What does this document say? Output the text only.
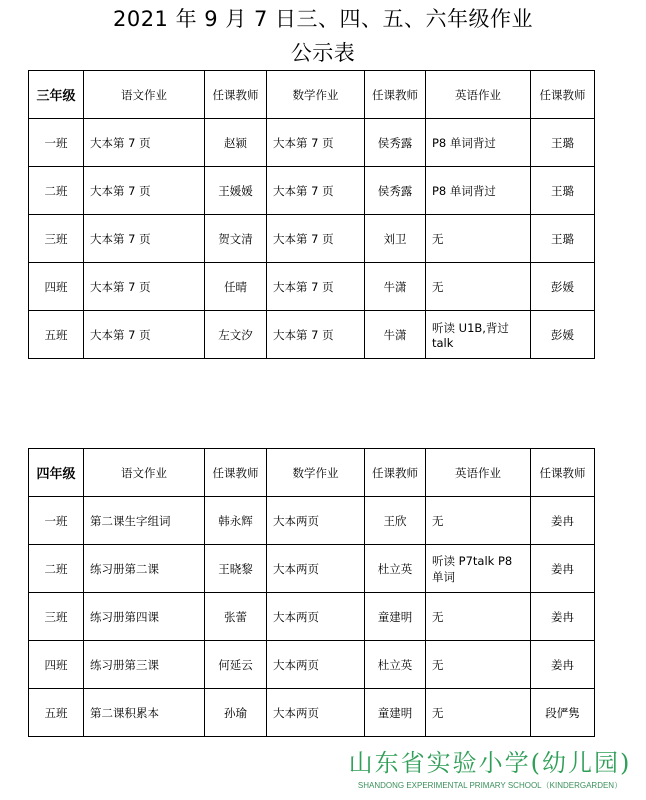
2021 年 9 月 7 日三、四、五、六年级作业
公示表
三年级	语文作业	任课教师	数学作业	任课教师	英语作业	任课教师
一班	大本第 7 页	赵颍	大本第 7 页	侯秀露	P8 单词背过	王璐
二班	大本第 7 页	王媛媛	大本第 7 页	侯秀露	P8 单词背过	王璐
三班	大本第 7 页	贺文清	大本第 7 页	刘卫	无	王璐
四班	大本第 7 页	任晴	大本第 7 页	牛潇	无	彭媛
五班	大本第 7 页	左文汐	大本第 7 页	牛潇	听读 U1B,背过 talk	彭媛
四年级	语文作业	任课教师	数学作业	任课教师	英语作业	任课教师
一班	第二课生字组词	韩永辉	大本两页	王欣	无	姜冉
二班	练习册第二课	王晓黎	大本两页	杜立英	听读 P7talk P8 单词	姜冉
三班	练习册第四课	张蕾	大本两页	童建明	无	姜冉
四班	练习册第三课	何延云	大本两页	杜立英	无	姜冉
五班	第二课积累本	孙瑜	大本两页	童建明	无	段俨隽
山东省实验小学(幼儿园)
SHANDONG EXPERIMENTAL PRIMARY SCHOOL（KINDERGARDEN）
